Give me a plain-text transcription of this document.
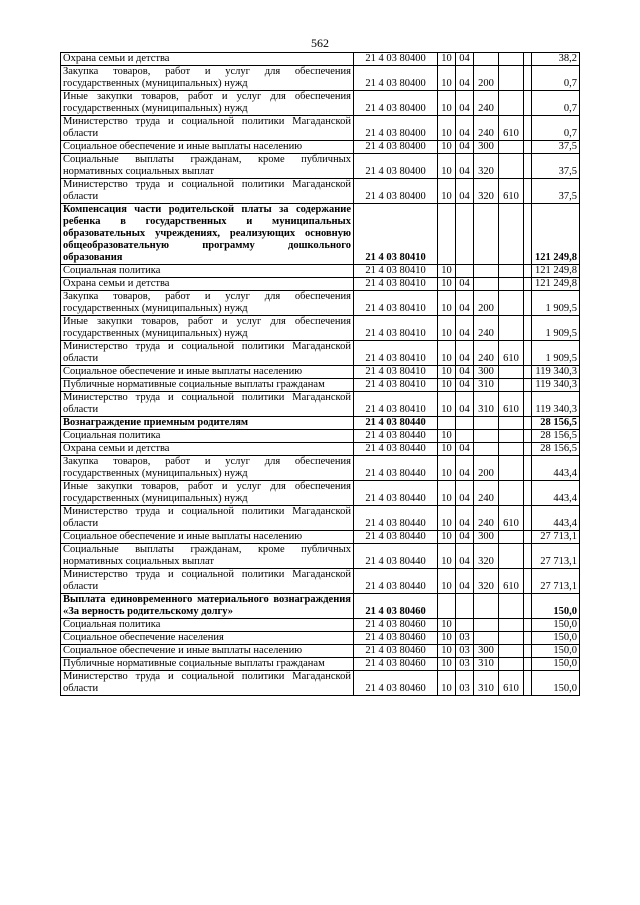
562
Охрана семьи и детства	21 4 03 80400	10	04				38,2
Закупка товаров, работ и услуг для обеспечения государственных (муниципальных) нужд	21 4 03 80400	10	04	200			0,7
Иные закупки товаров, работ и услуг для обеспечения государственных (муниципальных) нужд	21 4 03 80400	10	04	240			0,7
Министерство труда и социальной политики Магаданской области	21 4 03 80400	10	04	240	610		0,7
Социальное обеспечение и иные выплаты населению	21 4 03 80400	10	04	300			37,5
Социальные выплаты гражданам, кроме публичных нормативных социальных выплат	21 4 03 80400	10	04	320			37,5
Министерство труда и социальной политики Магаданской области	21 4 03 80400	10	04	320	610		37,5
Компенсация части родительской платы за содержание ребенка в государственных и муниципальных образовательных учреждениях, реализующих основную общеобразовательную программу дошкольного образования	21 4 03 80410						121 249,8
Социальная политика	21 4 03 80410	10					121 249,8
Охрана семьи и детства	21 4 03 80410	10	04				121 249,8
Закупка товаров, работ и услуг для обеспечения государственных (муниципальных) нужд	21 4 03 80410	10	04	200			1 909,5
Иные закупки товаров, работ и услуг для обеспечения государственных (муниципальных) нужд	21 4 03 80410	10	04	240			1 909,5
Министерство труда и социальной политики Магаданской области	21 4 03 80410	10	04	240	610		1 909,5
Социальное обеспечение и иные выплаты населению	21 4 03 80410	10	04	300			119 340,3
Публичные нормативные социальные выплаты гражданам	21 4 03 80410	10	04	310			119 340,3
Министерство труда и социальной политики Магаданской области	21 4 03 80410	10	04	310	610		119 340,3
Вознаграждение приемным родителям	21 4 03 80440						28 156,5
Социальная политика	21 4 03 80440	10					28 156,5
Охрана семьи и детства	21 4 03 80440	10	04				28 156,5
Закупка товаров, работ и услуг для обеспечения государственных (муниципальных) нужд	21 4 03 80440	10	04	200			443,4
Иные закупки товаров, работ и услуг для обеспечения государственных (муниципальных) нужд	21 4 03 80440	10	04	240			443,4
Министерство труда и социальной политики Магаданской области	21 4 03 80440	10	04	240	610		443,4
Социальное обеспечение и иные выплаты населению	21 4 03 80440	10	04	300			27 713,1
Социальные выплаты гражданам, кроме публичных нормативных социальных выплат	21 4 03 80440	10	04	320			27 713,1
Министерство труда и социальной политики Магаданской области	21 4 03 80440	10	04	320	610		27 713,1
Выплата единовременного материального вознаграждения «За верность родительскому долгу»	21 4 03 80460						150,0
Социальная политика	21 4 03 80460	10					150,0
Социальное обеспечение населения	21 4 03 80460	10	03				150,0
Социальное обеспечение и иные выплаты населению	21 4 03 80460	10	03	300			150,0
Публичные нормативные социальные выплаты гражданам	21 4 03 80460	10	03	310			150,0
Министерство труда и социальной политики Магаданской области	21 4 03 80460	10	03	310	610		150,0
